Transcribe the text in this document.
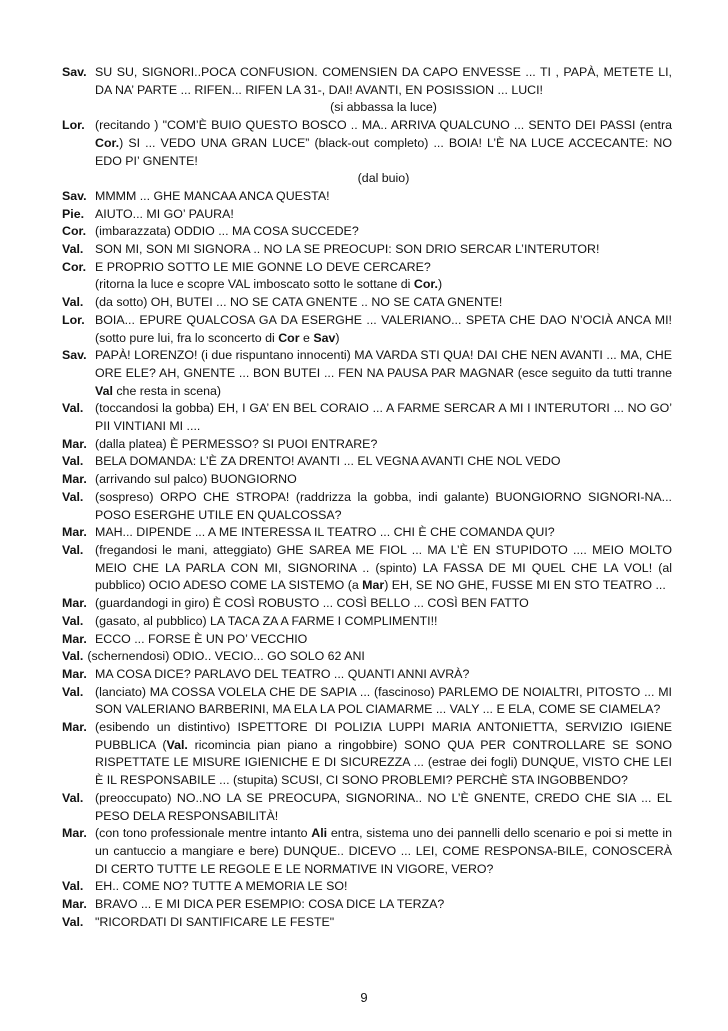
Sav. SU SU, SIGNORI..POCA CONFUSION. COMENSIEN DA CAPO ENVESSE ... TI , PAPÀ, METETE LI, DA NA’ PARTE ... RIFEN... RIFEN LA 31-, DAI! AVANTI, EN POSISSION ... LUCI!
(si abbassa la luce)
Lor. (recitando ) "COM’È BUIO QUESTO BOSCO .. MA.. ARRIVA QUALCUNO ... SENTO DEI PASSI (entra Cor.) SI ... VEDO UNA GRAN LUCE” (black-out completo) ... BOIA! L’È NA LUCE ACCECANTE: NO EDO PI’ GNENTE!
(dal buio)
Sav. MMMM ... GHE MANCAA ANCA QUESTA!
Pie. AIUTO... MI GO’ PAURA!
Cor. (imbarazzata) ODDIO ... MA COSA SUCCEDE?
Val. SON MI, SON MI SIGNORA .. NO LA SE PREOCUPI: SON DRIO SERCAR L’INTERUTOR!
Cor. E PROPRIO SOTTO LE MIE GONNE LO DEVE CERCARE?
(ritorna la luce e scopre VAL imboscato sotto le sottane di Cor.)
Val. (da sotto) OH, BUTEI ... NO SE CATA GNENTE .. NO SE CATA GNENTE!
Lor. BOIA... EPURE QUALCOSA GA DA ESERGHE ... VALERIANO... SPETA CHE DAO N’OCIÀ ANCA MI! (sotto pure lui, fra lo sconcerto di Cor e Sav)
Sav. PAPÀ! LORENZO! (i due rispuntano innocenti) MA VARDA STI QUA! DAI CHE NEN AVANTI ... MA, CHE ORE ELE? AH, GNENTE ... BON BUTEI ... FEN NA PAUSA PAR MAGNAR (esce seguito da tutti tranne Val che resta in scena)
Val. (toccandosi la gobba) EH, I GA’ EN BEL CORAIO ... A FARME SERCAR A MI I INTERUTORI ... NO GO’ PII VINTIANI MI ....
Mar. (dalla platea) È PERMESSO? SI PUOI ENTRARE?
Val. BELA DOMANDA: L’È ZA DRENTO! AVANTI ... EL VEGNA AVANTI CHE NOL VEDO
Mar. (arrivando sul palco) BUONGIORNO
Val. (sospreso) ORPO CHE STROPA! (raddrizza la gobba, indi galante) BUONGIORNO SIGNORI-NA... POSO ESERGHE UTILE EN QUALCOSSA?
Mar. MAH... DIPENDE ... A ME INTERESSA IL TEATRO ... CHI È CHE COMANDA QUI?
Val. (fregandosi le mani, atteggiato) GHE SAREA ME FIOL ... MA L’È EN STUPIDOTO .... MEIO MOLTO MEIO CHE LA PARLA CON MI, SIGNORINA .. (spinto) LA FASSA DE MI QUEL CHE LA VOL! (al pubblico) OCIO ADESO COME LA SISTEMO (a Mar) EH, SE NO GHE, FUSSE MI EN STO TEATRO ...
Mar. (guardandogi in giro) È COSÌ ROBUSTO ... COSÌ BELLO ... COSÌ BEN FATTO
Val. (gasato, al pubblico) LA TACA ZA A FARME I COMPLIMENTI!!
Mar. ECCO ... FORSE È UN PO’ VECCHIO
Val. (schernendosi) ODIO.. VECIO... GO SOLO 62 ANI
Mar. MA COSA DICE? PARLAVO DEL TEATRO ... QUANTI ANNI AVRÀ?
Val. (lanciato) MA COSSA VOLELA CHE DE SAPIA ... (fascinoso) PARLEMO DE NOIALTRI, PITOSTO ... MI SON VALERIANO BARBERINI, MA ELA LA POL CIAMARME ... VALY ... E ELA, COME SE CIAMELA?
Mar. (esibendo un distintivo) ISPETTORE DI POLIZIA LUPPI MARIA ANTONIETTA, SERVIZIO IGIENE PUBBLICA (Val. ricomincia pian piano a ringobbire) SONO QUA PER CONTROLLARE SE SONO RISPETTATE LE MISURE IGIENICHE E DI SICUREZZA ... (estrae dei fogli) DUNQUE, VISTO CHE LEI È IL RESPONSABILE ... (stupita) SCUSI, CI SONO PROBLEMI? PERCHÈ STA INGOBBENDO?
Val. (preoccupato) NO..NO LA SE PREOCUPA, SIGNORINA.. NO L’È GNENTE, CREDO CHE SIA ... EL PESO DELA RESPONSABILITÀ!
Mar. (con tono professionale mentre intanto Ali entra, sistema uno dei pannelli dello scenario e poi si mette in un cantuccio a mangiare e bere) DUNQUE.. DICEVO ... LEI, COME RESPONSA-BILE, CONOSCERÀ DI CERTO TUTTE LE REGOLE E LE NORMATIVE IN VIGORE, VERO?
Val. EH.. COME NO? TUTTE A MEMORIA LE SO!
Mar. BRAVO ... E MI DICA PER ESEMPIO: COSA DICE LA TERZA?
Val. "RICORDATI DI SANTIFICARE LE FESTE"
9
